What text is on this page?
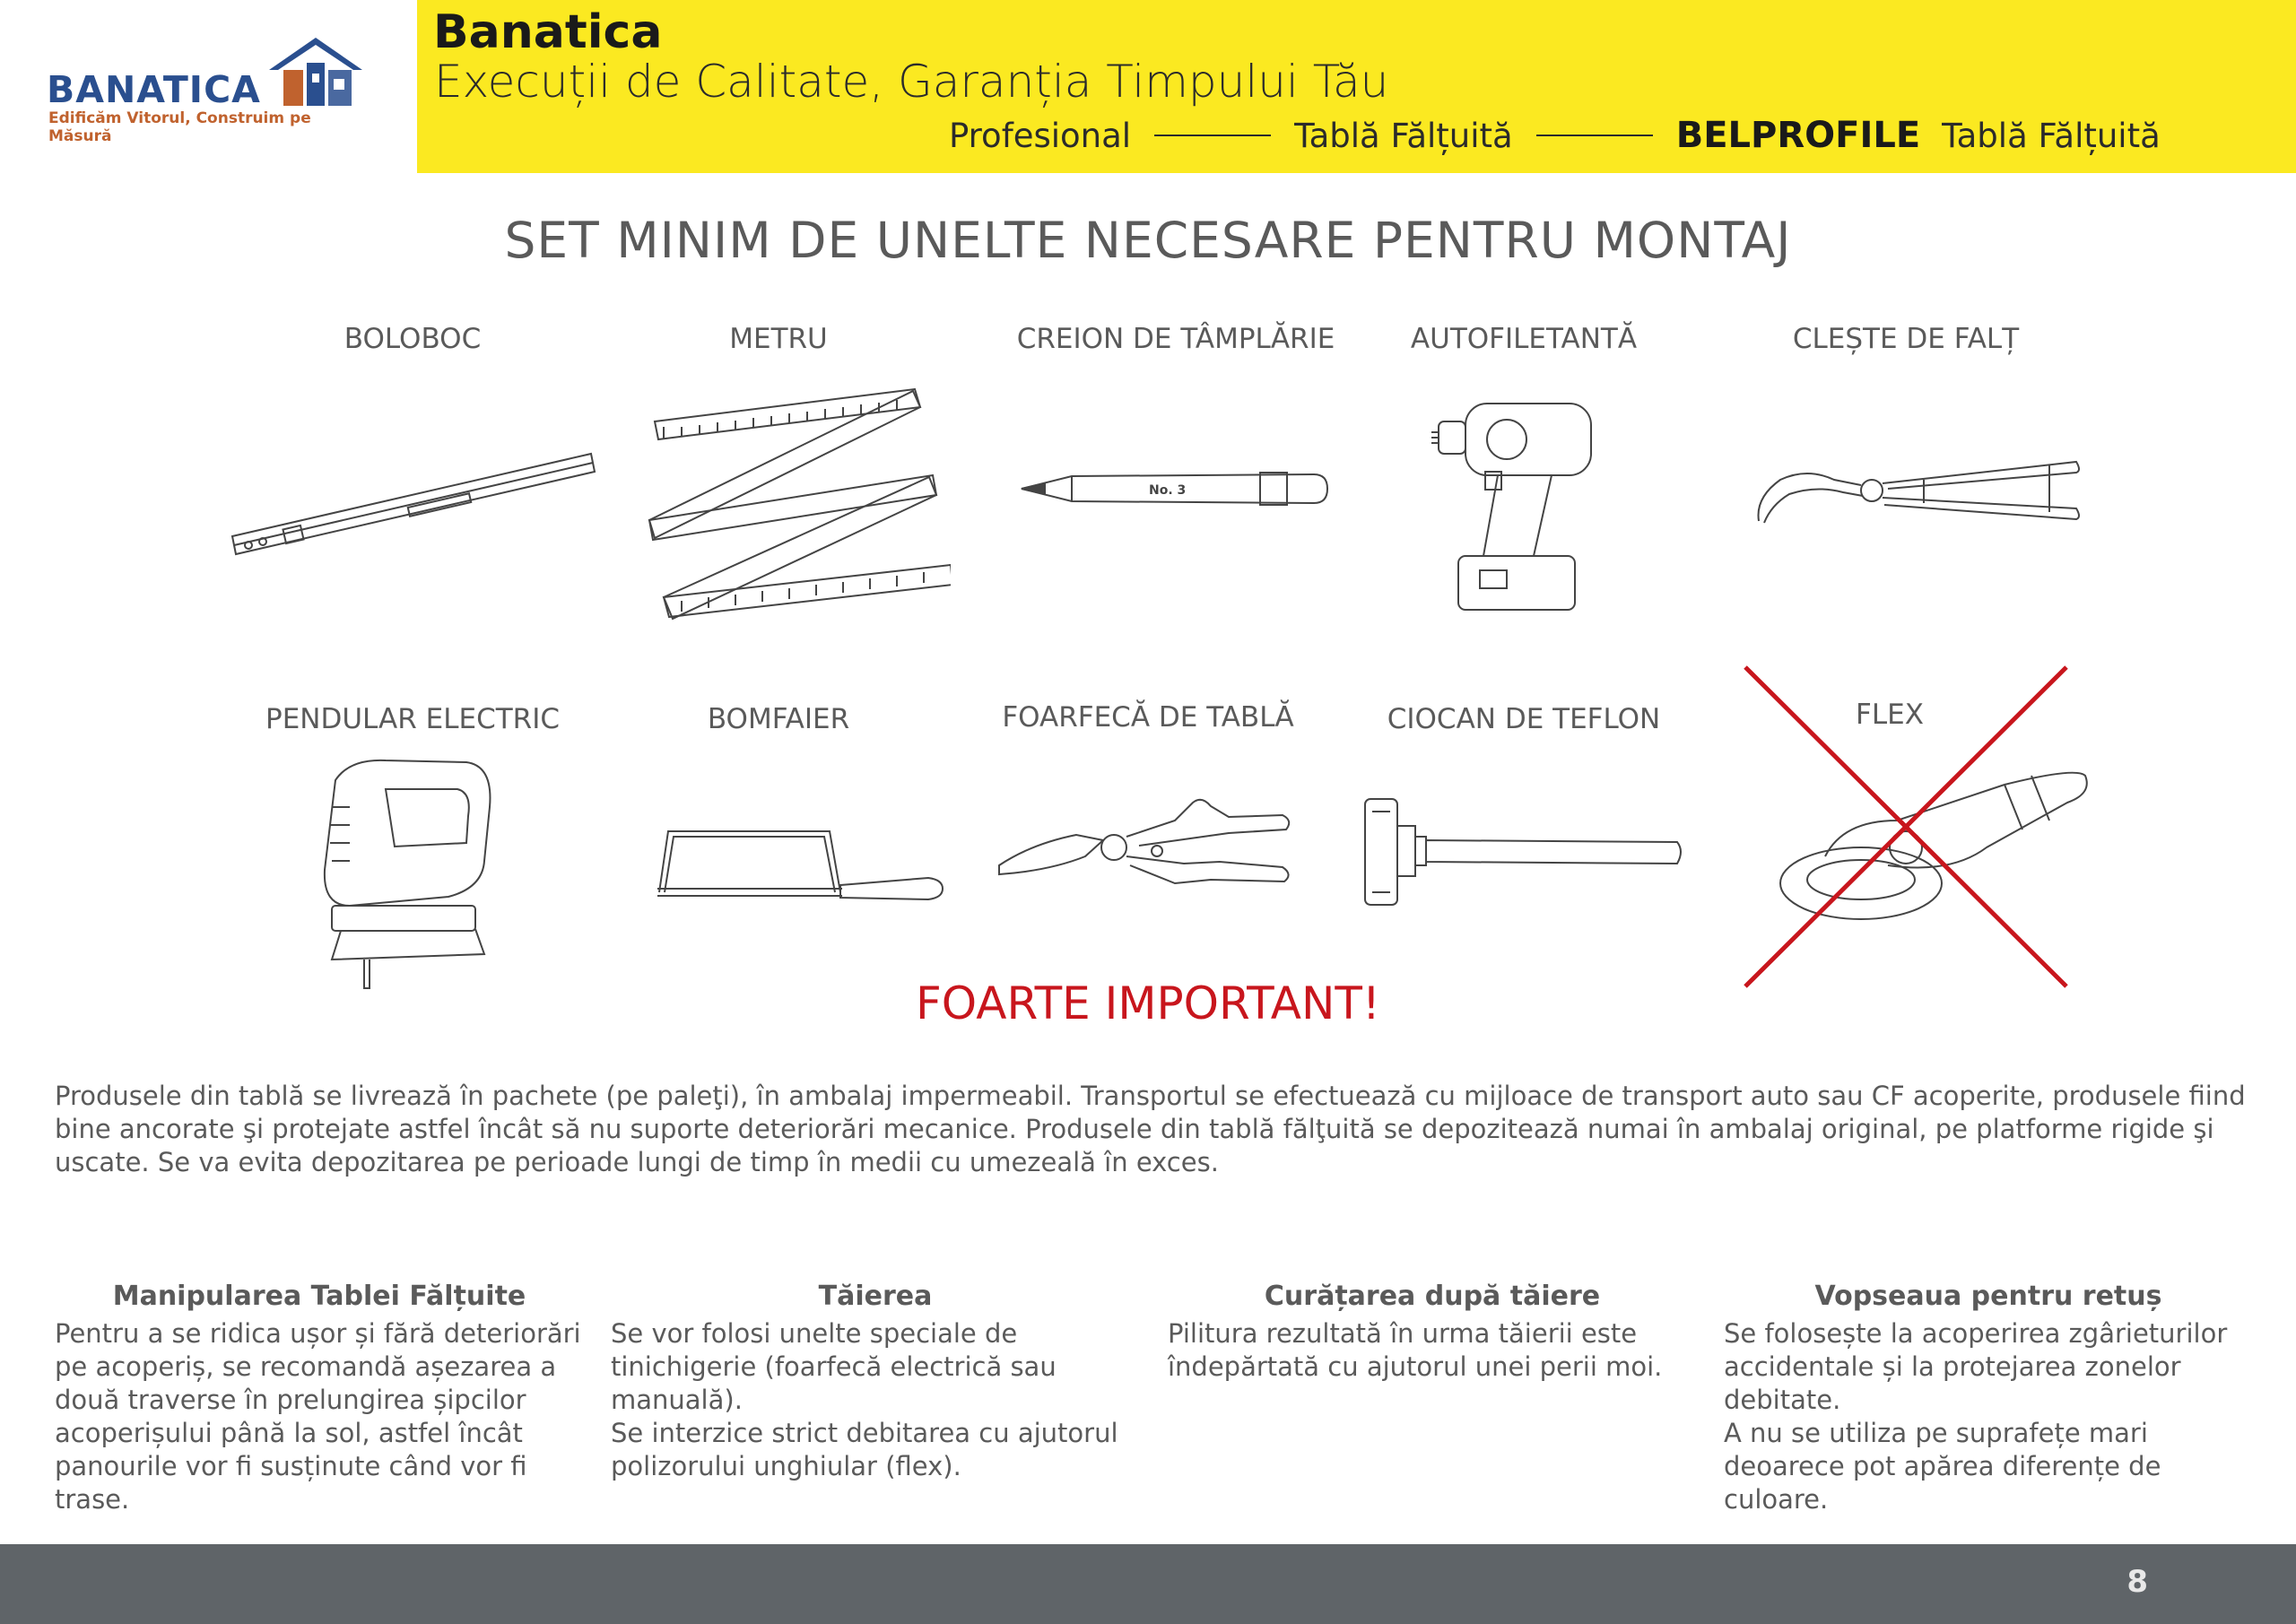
BANATICA
Edificăm Vitorul, Construim pe Măsură
Banatica
Execuții de Calitate, Garanția Timpului Tău
Profesional	Tablă Fălțuită	BELPROFILE Tablă Fălțuită
SET MINIM DE UNELTE NECESARE PENTRU MONTAJ
BOLOBOC	METRU	CREION DE TÂMPLĂRIE	AUTOFILETANTĂ	CLEȘTE DE FALȚ
No. 3
PENDULAR ELECTRIC	BOMFAIER	FOARFECĂ DE TABLĂ	CIOCAN DE TEFLON	FLEX
FOARTE IMPORTANT!
Produsele din tablă se livrează în pachete (pe paleţi), în ambalaj impermeabil. Transportul se efectuează cu mijloace de transport auto sau CF acoperite, produsele fiind bine ancorate şi protejate astfel încât să nu suporte deteriorări mecanice. Produsele din tablă fălţuită se depozitează numai în ambalaj original, pe platforme rigide şi uscate. Se va evita depozitarea pe perioade lungi de timp în medii cu umezeală în exces.
Manipularea Tablei Fălțuite
Pentru a se ridica ușor și fără deteriorări pe acoperiș, se recomandă așezarea a două traverse în prelungirea șipcilor acoperișului până la sol, astfel încât panourile vor fi susținute când vor fi trase.
Tăierea
Se vor folosi unelte speciale de tinichigerie (foarfecă electrică sau manuală).
Se interzice strict debitarea cu ajutorul polizorului unghiular (flex).
Curățarea după tăiere
Pilitura rezultată în urma tăierii este îndepărtată cu ajutorul unei perii moi.
Vopseaua pentru retuș
Se folosește la acoperirea zgârieturilor accidentale și la protejarea zonelor debitate.
A nu se utiliza pe suprafețe mari deoarece pot apărea diferențe de culoare.
8
